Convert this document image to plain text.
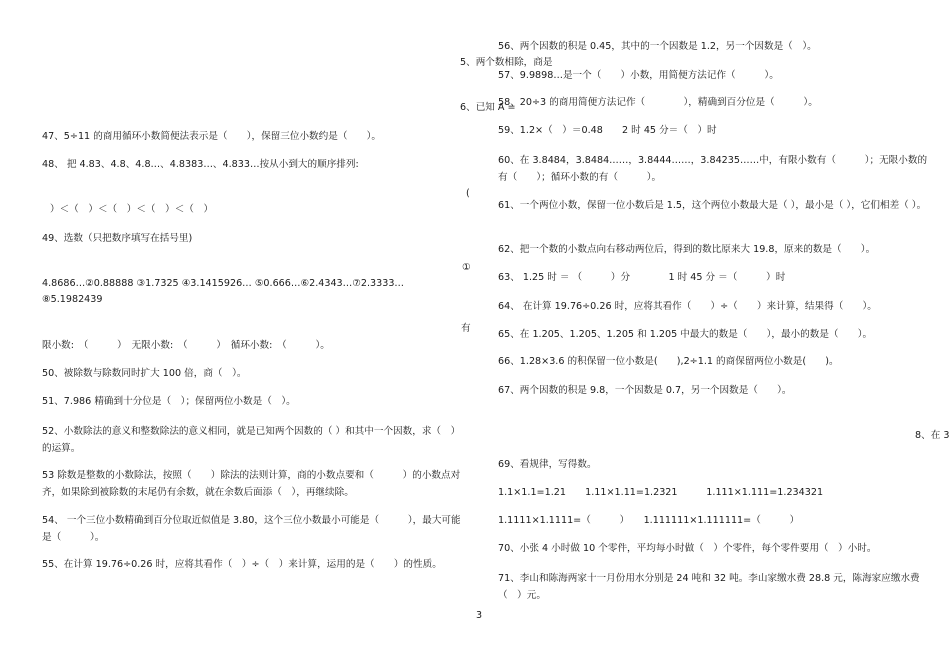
47、5÷11 的商用循环小数简便法表示是（　　），保留三位小数约是（　　）。
48、 把 4.83、4.8、4.8…、4.8383…、4.833…按从小到大的顺序排列:
）＜（　）＜（　）＜（　）＜（　）
49、选数（只把数序填写在括号里)
4.8686…②0.88888 ③1.7325 ④3.1415926… ⑤0.666…⑥2.4343…⑦2.3333…⑧5.1982439
限小数:　（　　　）　无限小数:　（　　　）　循环小数:　（　　　）。
50、被除数与除数同时扩大 100 倍，商（　）。
51、7.986 精确到十分位是（　）；保留两位小数是（　）。
52、小数除法的意义和整数除法的意义相同，就是已知两个因数的（ ）和其中一个因数，求（　）的运算。
53 除数是整数的小数除法，按照（　　）除法的法则计算，商的小数点要和（　　　）的小数点对齐，如果除到被除数的末尾仍有余数，就在余数后面添（　），再继续除。
54、 一个三位小数精确到百分位取近似值是 3.80，这个三位小数最小可能是（　　　），最大可能是（　　　）。
55、在计算 19.76÷0.26 时，应将其看作（　）÷（　）来计算，运用的是（　　）的性质。
5、两个数相除，商是
6、已知 A =
(
①
有
3
56、两个因数的积是 0.45，其中的一个因数是 1.2，另一个因数是（　）。
57、9.9898…是一个（　　）小数，用简便方法记作（　　　）。
58、20÷3 的商用简便方法记作（　　　　），精确到百分位是（　　　）。
59、1.2×（　）＝0.48　　2 时 45 分＝（　）时
60、在 3.8484，3.8484……，3.8444……，3.84235……中，有限小数有（　　　）；无限小数的有（　　）；循环小数的有（　　　）。
61、一个两位小数，保留一位小数后是 1.5，这个两位小数最大是（ ），最小是（ ），它们相差（ ）。
62、把一个数的小数点向右移动两位后，得到的数比原来大 19.8，原来的数是（　　）。
63、 1.25 时 ＝ （　　　）分　　　　1 时 45 分 ＝（　　　）时
64、 在计算 19.76÷0.26 时，应将其看作（　　）÷（　　）来计算，结果得（　　）。
65、在 1.205、1.205、1.205 和 1.205 中最大的数是（　　），最小的数是（　　）。
66、1.28×3.6 的积保留一位小数是(　　),2÷1.1 的商保留两位小数是(　　)。
67、两个因数的积是 9.8，一个因数是 0.7，另一个因数是（　　）。
8、在 3
69、看规律，写得数。
1.1×1.1=1.21　　1.11×1.11=1.2321　　　1.111×1.111=1.234321
1.1111×1.1111=（　　　）　　1.111111×1.111111=（　　　）
70、小张 4 小时做 10 个零件，平均每小时做（　）个零件，每个零件要用（　）小时。
71、李山和陈海两家十一月份用水分别是 24 吨和 32 吨。李山家缴水费 28.8 元，陈海家应缴水费（　）元。
